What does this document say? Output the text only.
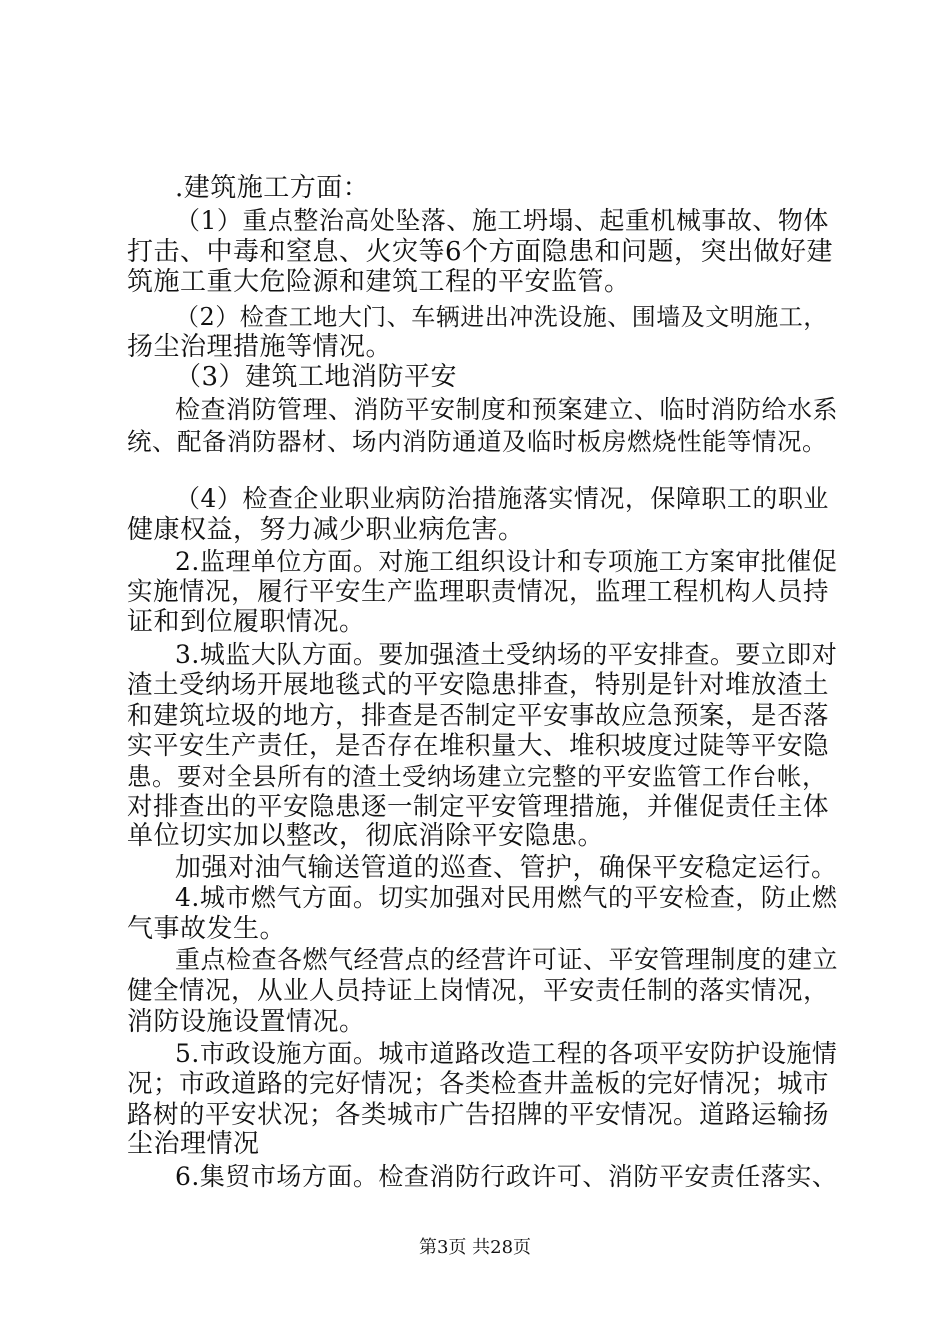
.建筑施工方面：
（1）重点整治高处坠落、施工坍塌、起重机械事故、物体
打击、中毒和窒息、火灾等6个方面隐患和问题，突出做好建
筑施工重大危险源和建筑工程的平安监管。
（2）检查工地大门、车辆进出冲洗设施、围墙及文明施工，
扬尘治理措施等情况。
（3）建筑工地消防平安
检查消防管理、消防平安制度和预案建立、临时消防给水系
统、配备消防器材、场内消防通道及临时板房燃烧性能等情况。
（4）检查企业职业病防治措施落实情况，保障职工的职业
健康权益，努力减少职业病危害。
2.监理单位方面。对施工组织设计和专项施工方案审批催促
实施情况，履行平安生产监理职责情况，监理工程机构人员持
证和到位履职情况。
3.城监大队方面。要加强渣土受纳场的平安排查。要立即对
渣土受纳场开展地毯式的平安隐患排查，特别是针对堆放渣土
和建筑垃圾的地方，排查是否制定平安事故应急预案，是否落
实平安生产责任，是否存在堆积量大、堆积坡度过陡等平安隐
患。要对全县所有的渣土受纳场建立完整的平安监管工作台帐，
对排查出的平安隐患逐一制定平安管理措施，并催促责任主体
单位切实加以整改，彻底消除平安隐患。
加强对油气输送管道的巡查、管护，确保平安稳定运行。
4.城市燃气方面。切实加强对民用燃气的平安检查，防止燃
气事故发生。
重点检查各燃气经营点的经营许可证、平安管理制度的建立
健全情况，从业人员持证上岗情况，平安责任制的落实情况，
消防设施设置情况。
5.市政设施方面。城市道路改造工程的各项平安防护设施情
况；市政道路的完好情况；各类检查井盖板的完好情况；城市
路树的平安状况；各类城市广告招牌的平安情况。道路运输扬
尘治理情况
6.集贸市场方面。检查消防行政许可、消防平安责任落实、
第3页 共28页
